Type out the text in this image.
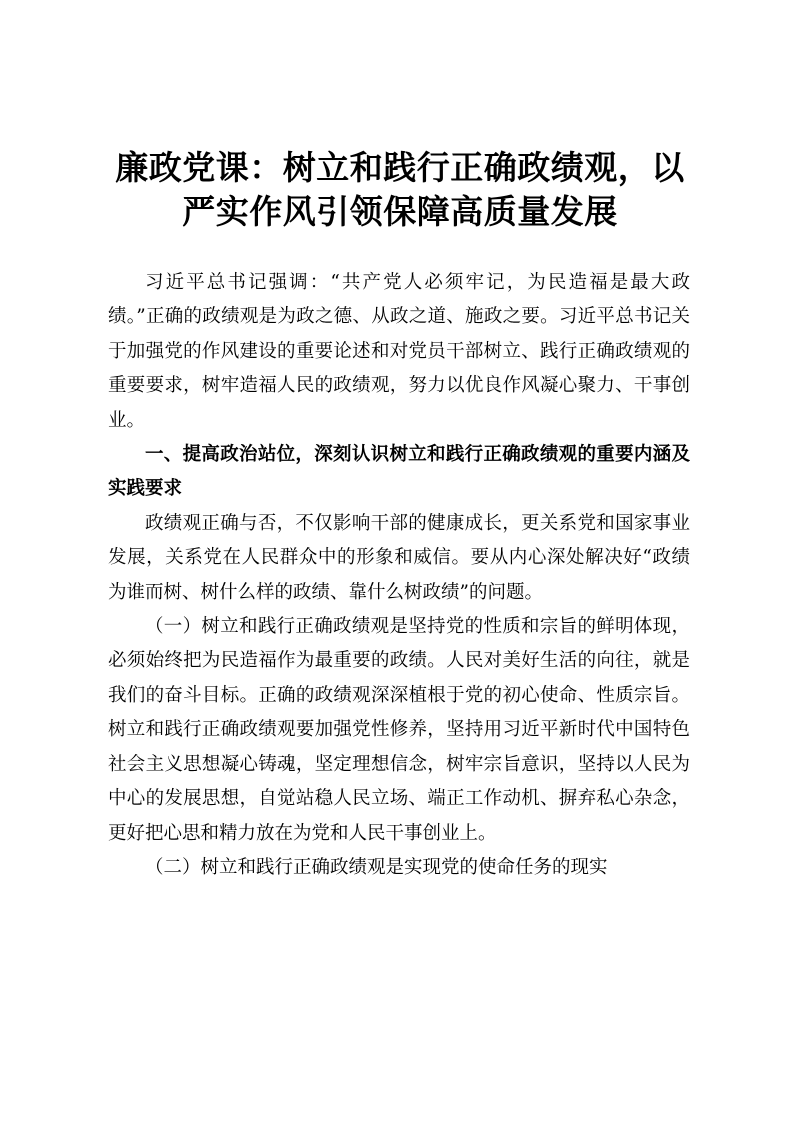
廉政党课：树立和践行正确政绩观，以
严实作风引领保障高质量发展

习近平总书记强调：“共产党人必须牢记，为民造福是最大政绩。”正确的政绩观是为政之德、从政之道、施政之要。习近平总书记关于加强党的作风建设的重要论述和对党员干部树立、践行正确政绩观的重要要求，树牢造福人民的政绩观，努力以优良作风凝心聚力、干事创业。

一、提高政治站位，深刻认识树立和践行正确政绩观的重要内涵及实践要求

政绩观正确与否，不仅影响干部的健康成长，更关系党和国家事业发展，关系党在人民群众中的形象和威信。要从内心深处解决好“政绩为谁而树、树什么样的政绩、靠什么树政绩”的问题。

（一）树立和践行正确政绩观是坚持党的性质和宗旨的鲜明体现，必须始终把为民造福作为最重要的政绩。人民对美好生活的向往，就是我们的奋斗目标。正确的政绩观深深植根于党的初心使命、性质宗旨。树立和践行正确政绩观要加强党性修养，坚持用习近平新时代中国特色社会主义思想凝心铸魂，坚定理想信念，树牢宗旨意识，坚持以人民为中心的发展思想，自觉站稳人民立场、端正工作动机、摒弃私心杂念，更好把心思和精力放在为党和人民干事创业上。

（二）树立和践行正确政绩观是实现党的使命任务的现实
